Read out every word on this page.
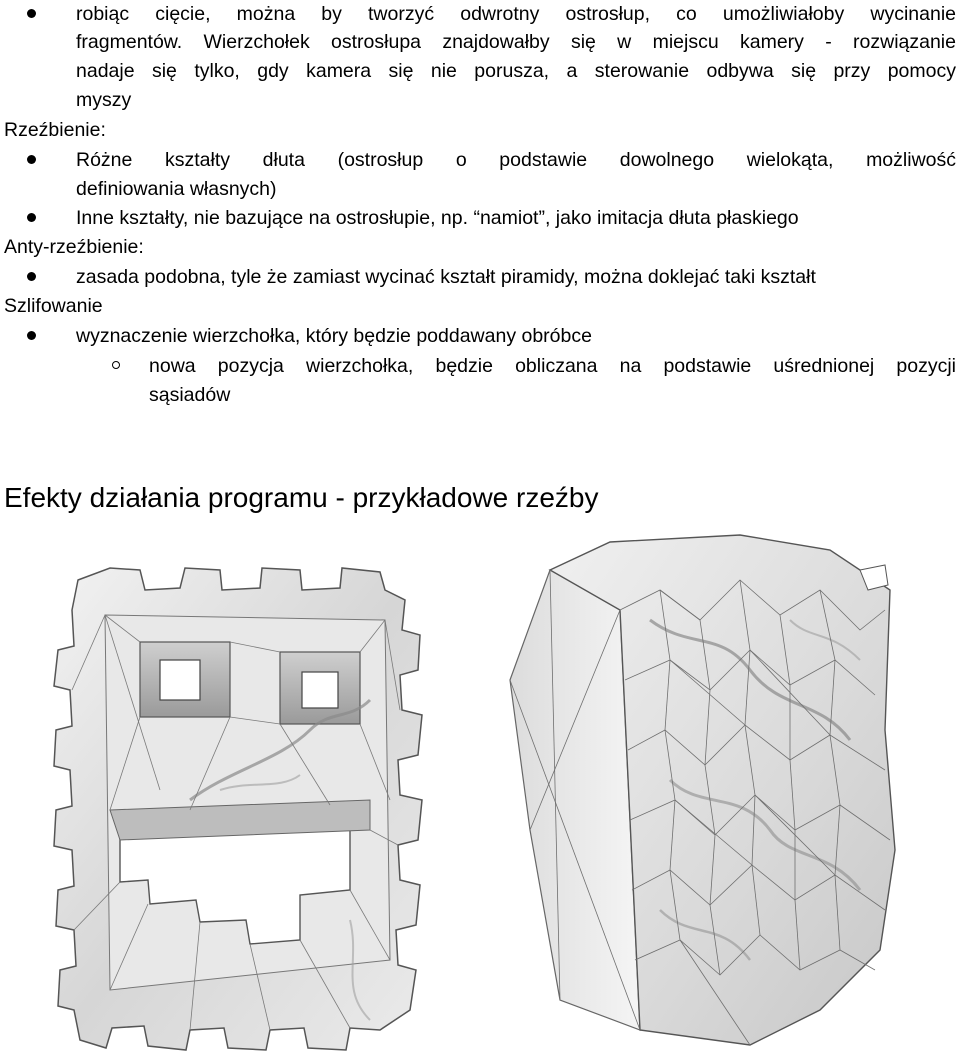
robiąc cięcie, można by tworzyć odwrotny ostrosłup, co umożliwiałoby wycinanie
fragmentów. Wierzchołek ostrosłupa znajdowałby się w miejscu kamery - rozwiązanie
nadaje się tylko, gdy kamera się nie porusza, a sterowanie odbywa się przy pomocy
myszy
Rzeźbienie:
Różne kształty dłuta (ostrosłup o podstawie dowolnego wielokąta, możliwość
definiowania własnych)
Inne kształty, nie bazujące na ostrosłupie, np. “namiot”, jako imitacja dłuta płaskiego
Anty-rzeźbienie:
zasada podobna, tyle że zamiast wycinać kształt piramidy, można doklejać taki kształt
Szlifowanie
wyznaczenie wierzchołka, który będzie poddawany obróbce
nowa pozycja wierzchołka, będzie obliczana na podstawie uśrednionej pozycji
sąsiadów
Efekty działania programu - przykładowe rzeźby
